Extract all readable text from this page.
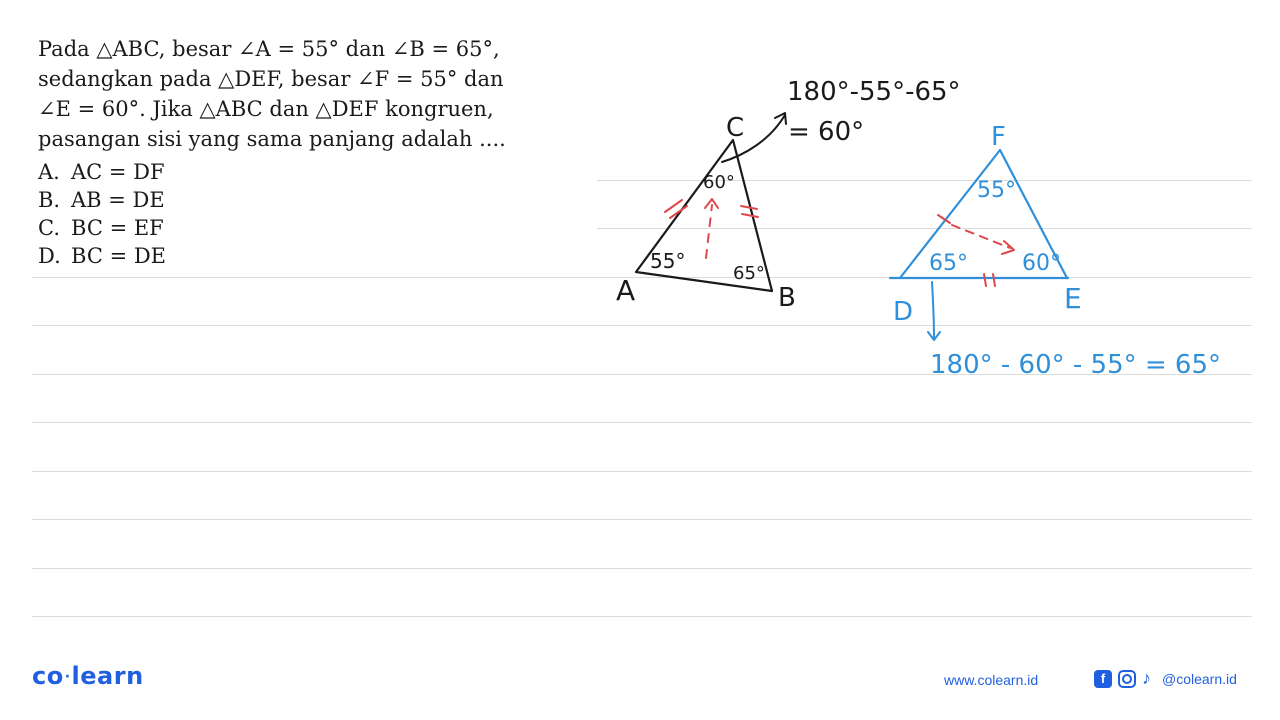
Pada △ABC, besar ∠A = 55° dan ∠B = 65°,

sedangkan pada △DEF, besar ∠F = 55° dan

∠E = 60°. Jika △ABC dan △DEF kongruen,

pasangan sisi yang sama panjang adalah ....

A. AC = DF
B. AB = DE
C. BC = EF
D. BC = DE
A	B
C
55°
65°
60°
180°-55°-65°
= 60°	F
D	E
55°
65° 60°
180° - 60° - 55° = 65°
co·learn	www.colearn.id	f	♪ @colearn.id
